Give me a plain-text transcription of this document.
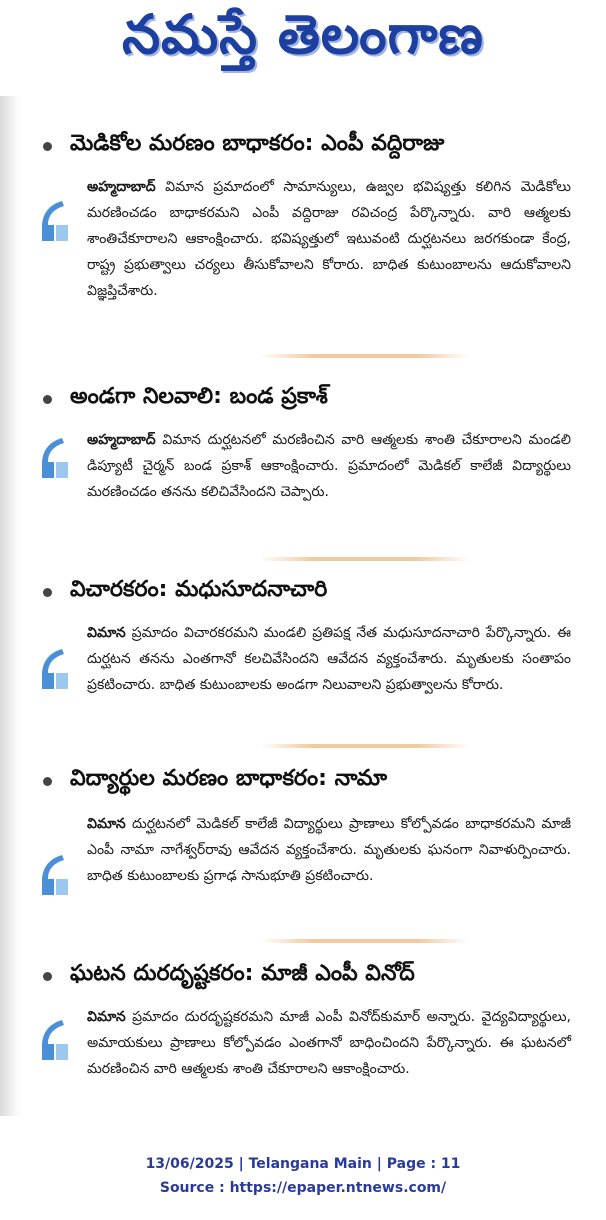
నమస్తే తెలంగాణ
మెడికోల మరణం బాధాకరం: ఎంపీ వద్దిరాజు
అహ్మదాబాద్ విమాన ప్రమాదంలో సామాన్యులు, ఉజ్వల భవిష్యత్తు కలిగిన మెడికోలు మరణించడం బాధాకరమని ఎంపీ వద్దిరాజు రవిచంద్ర పేర్కొన్నారు. వారి ఆత్మలకు శాంతిచేకూరాలని ఆకాంక్షించారు. భవిష్యత్తులో ఇటువంటి దుర్ఘటనలు జరగకుండా కేంద్ర, రాష్ట్ర ప్రభుత్వాలు చర్యలు తీసుకోవాలని కోరారు. బాధిత కుటుంబాలను ఆదుకోవాలని విజ్ఞప్తిచేశారు.
అండగా నిలవాలి: బండ ప్రకాశ్
అహ్మదాబాద్ విమాన దుర్ఘటనలో మరణించిన వారి ఆత్మలకు శాంతి చేకూరాలని మండలి డిప్యూటీ చైర్మన్ బండ ప్రకాశ్ ఆకాంక్షించారు. ప్రమాదంలో మెడికల్ కాలేజీ విద్యార్థులు మరణించడం తనను కలిచివేసిందని చెప్పారు.
విచారకరం: మధుసూదనాచారి
విమాన ప్రమాదం విచారకరమని మండలి ప్రతిపక్ష నేత మధుసూదనాచారి పేర్కొన్నారు. ఈ దుర్ఘటన తనను ఎంతగానో కలచివేసిందని ఆవేదన వ్యక్తంచేశారు. మృతులకు సంతాపం ప్రకటించారు. బాధిత కుటుంబాలకు అండగా నిలువాలని ప్రభుత్వాలను కోరారు.
విద్యార్థుల మరణం బాధాకరం: నామా
విమాన దుర్ఘటనలో మెడికల్ కాలేజీ విద్యార్థులు ప్రాణాలు కోల్పోవడం బాధాకరమని మాజీ ఎంపీ నామా నాగేశ్వర్‌రావు ఆవేదన వ్యక్తంచేశారు. మృతులకు ఘనంగా నివాళుర్పించారు. బాధిత కుటుంబాలకు ప్రగాఢ సానుభూతి ప్రకటించారు.
ఘటన దురదృష్టకరం: మాజీ ఎంపీ వినోద్
విమాన ప్రమాదం దురదృష్టకరమని మాజీ ఎంపీ వినోద్‌కుమార్ అన్నారు. వైద్యవిద్యార్థులు, అమాయకులు ప్రాణాలు కోల్పోవడం ఎంతగానో బాధించిందని పేర్కొన్నారు. ఈ ఘటనలో మరణించిన వారి ఆత్మలకు శాంతి చేకూరాలని ఆకాంక్షించారు.
13/06/2025 | Telangana Main | Page : 11
Source : https://epaper.ntnews.com/
